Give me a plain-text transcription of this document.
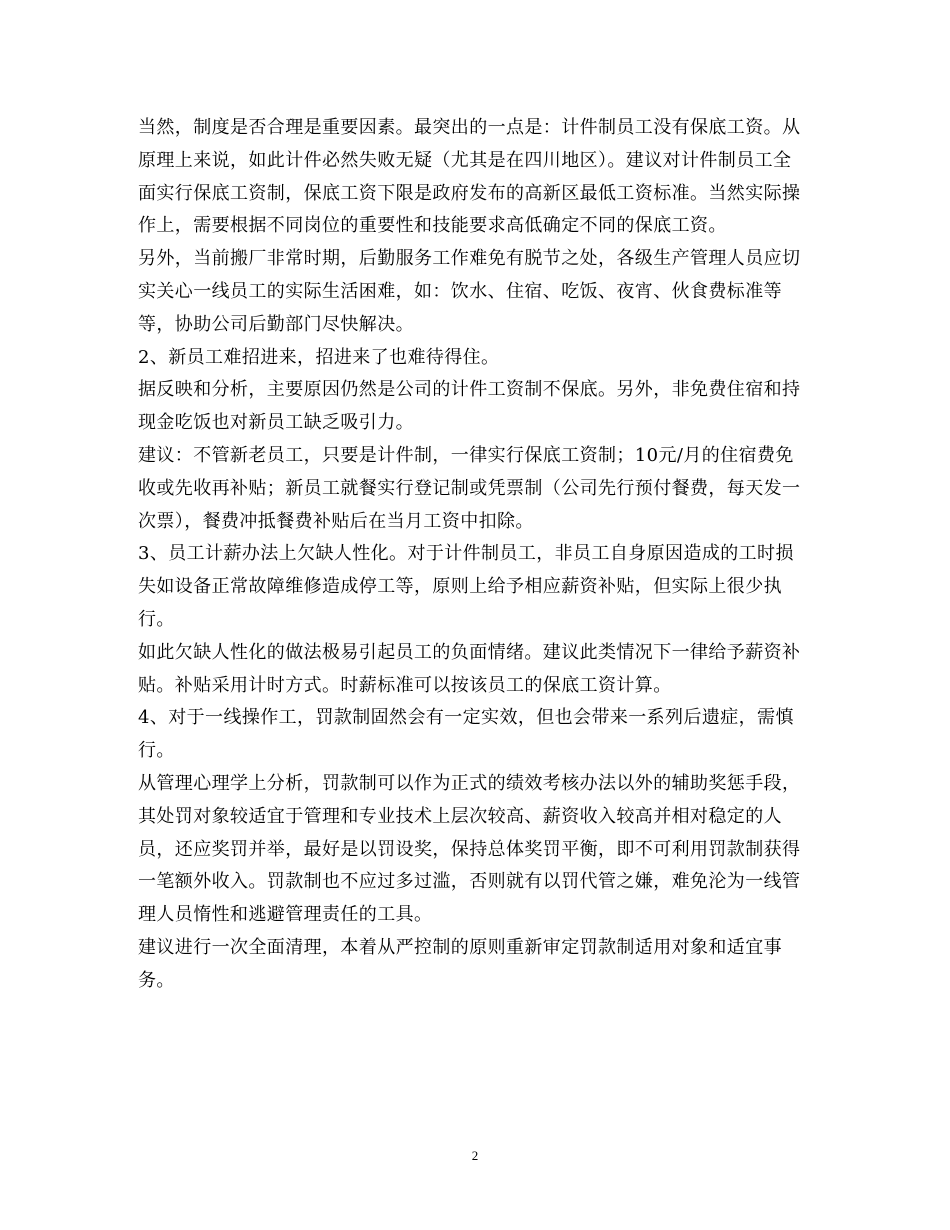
当然，制度是否合理是重要因素。最突出的一点是：计件制员工没有保底工资。从
原理上来说，如此计件必然失败无疑（尤其是在四川地区）。建议对计件制员工全
面实行保底工资制，保底工资下限是政府发布的高新区最低工资标准。当然实际操
作上，需要根据不同岗位的重要性和技能要求高低确定不同的保底工资。

另外，当前搬厂非常时期，后勤服务工作难免有脱节之处，各级生产管理人员应切
实关心一线员工的实际生活困难，如：饮水、住宿、吃饭、夜宵、伙食费标准等
等，协助公司后勤部门尽快解决。

2、新员工难招进来，招进来了也难待得住。

据反映和分析，主要原因仍然是公司的计件工资制不保底。另外，非免费住宿和持
现金吃饭也对新员工缺乏吸引力。

建议：不管新老员工，只要是计件制，一律实行保底工资制；10元/月的住宿费免
收或先收再补贴；新员工就餐实行登记制或凭票制（公司先行预付餐费，每天发一
次票），餐费冲抵餐费补贴后在当月工资中扣除。

3、员工计薪办法上欠缺人性化。对于计件制员工，非员工自身原因造成的工时损
失如设备正常故障维修造成停工等，原则上给予相应薪资补贴，但实际上很少执
行。

如此欠缺人性化的做法极易引起员工的负面情绪。建议此类情况下一律给予薪资补
贴。补贴采用计时方式。时薪标准可以按该员工的保底工资计算。

4、对于一线操作工，罚款制固然会有一定实效，但也会带来一系列后遗症，需慎
行。

从管理心理学上分析，罚款制可以作为正式的绩效考核办法以外的辅助奖惩手段，
其处罚对象较适宜于管理和专业技术上层次较高、薪资收入较高并相对稳定的人
员，还应奖罚并举，最好是以罚设奖，保持总体奖罚平衡，即不可利用罚款制获得
一笔额外收入。罚款制也不应过多过滥，否则就有以罚代管之嫌，难免沦为一线管
理人员惰性和逃避管理责任的工具。

建议进行一次全面清理，本着从严控制的原则重新审定罚款制适用对象和适宜事
务。

2
